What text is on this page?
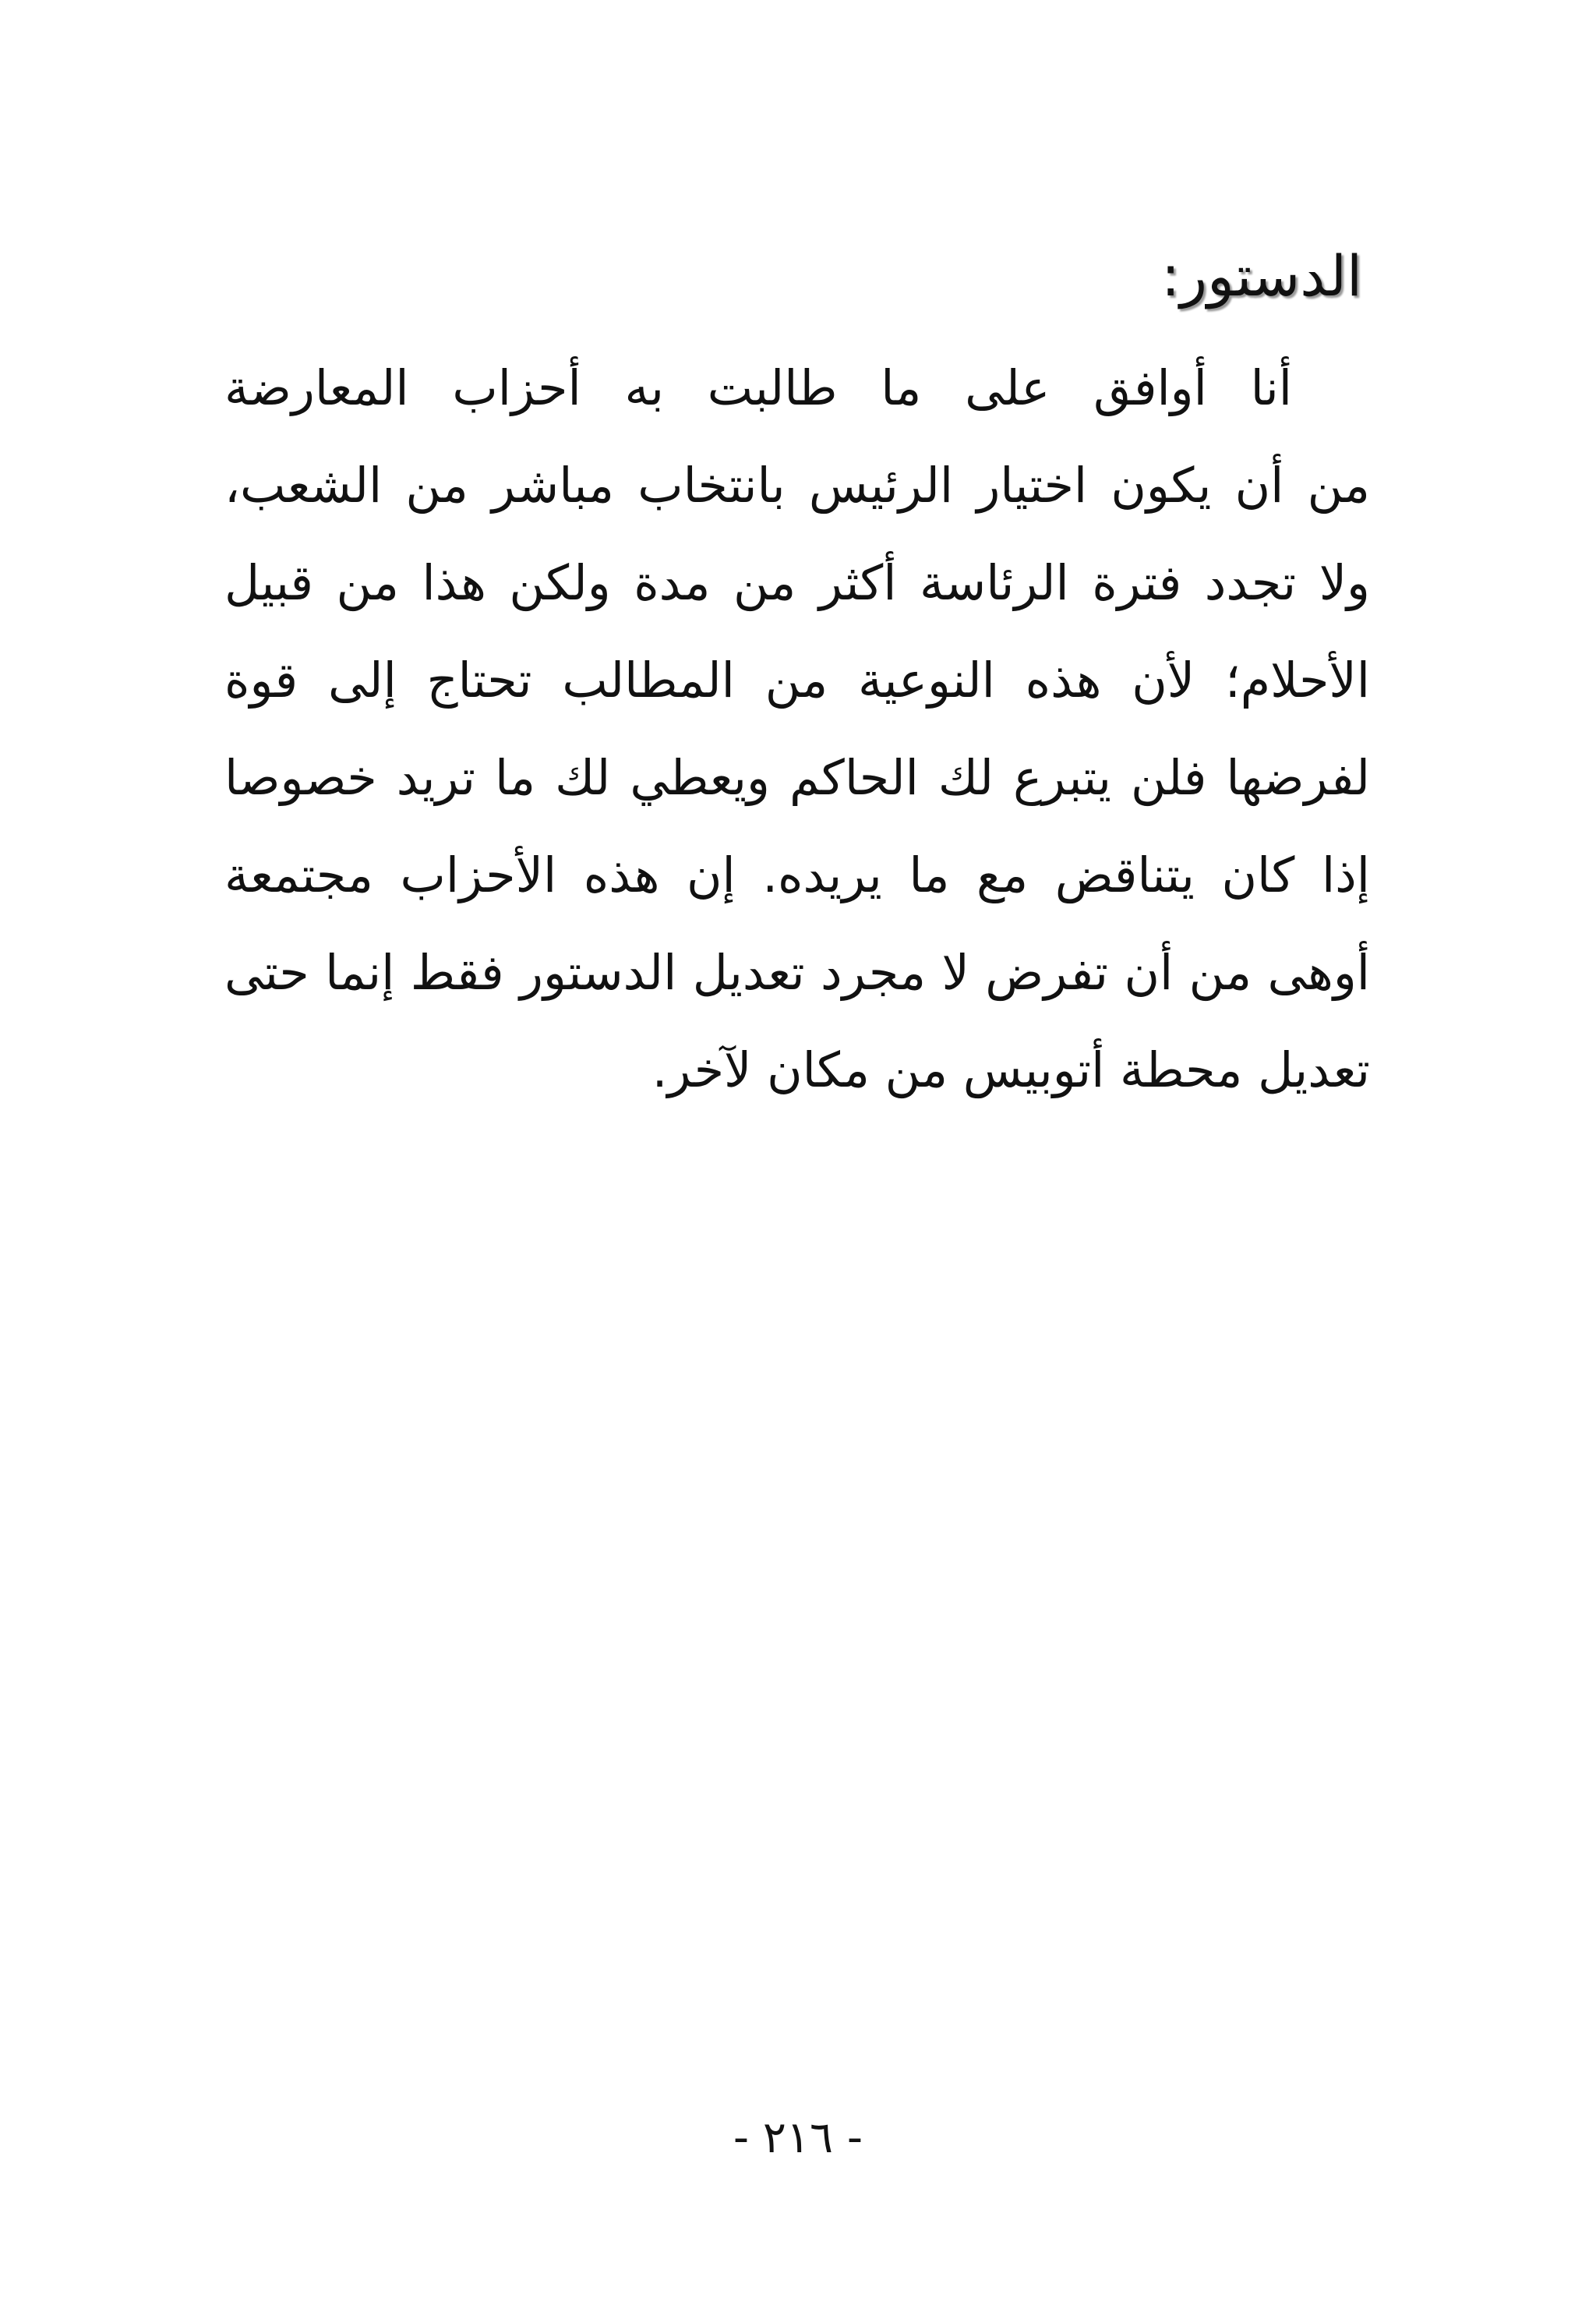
الدستور:
أنا أوافق على ما طالبت به أحزاب المعارضة
من أن يكون اختيار الرئيس بانتخاب مباشر من الشعب،
ولا تجدد فترة الرئاسة أكثر من مدة ولكن هذا من قبيل
الأحلام؛ لأن هذه النوعية من المطالب تحتاج إلى قوة
لفرضها فلن يتبرع لك الحاكم ويعطي لك ما تريد خصوصا
إذا كان يتناقض مع ما يريده. إن هذه الأحزاب مجتمعة
أوهى من أن تفرض لا مجرد تعديل الدستور فقط إنما حتى
تعديل محطة أتوبيس من مكان لآخر.
- ٢١٦ -
